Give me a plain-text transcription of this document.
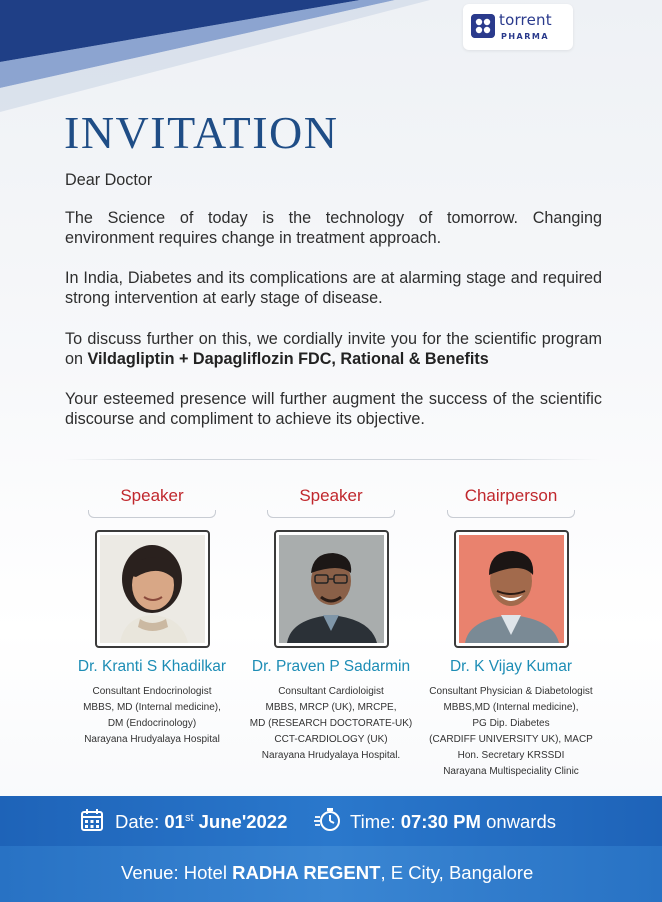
torrent
PHARMA
INVITATION
Dear Doctor
The Science of today is the technology of tomorrow. Changing environment requires change in treatment approach.
In India, Diabetes and its complications are at alarming stage and required strong intervention at early stage of disease.
To discuss further on this, we cordially invite you for the scientific program on Vildagliptin + Dapagliflozin FDC, Rational & Benefits
Your esteemed presence will further augment the success of the scientific discourse and compliment to achieve its objective.
Speaker
Dr. Kranti S Khadilkar
Consultant Endocrinologist
MBBS, MD (Internal medicine),
DM (Endocrinology)
Narayana Hrudyalaya Hospital
Speaker
Dr. Praven P Sadarmin
Consultant Cardioloigist
MBBS, MRCP (UK), MRCPE,
MD (RESEARCH DOCTORATE-UK)
CCT-CARDIOLOGY (UK)
Narayana Hrudyalaya Hospital.
Chairperson
Dr. K Vijay Kumar
Consultant Physician & Diabetologist
MBBS,MD (Internal medicine),
PG Dip. Diabetes
(CARDIFF UNIVERSITY UK), MACP
Hon. Secretary KRSSDI
Narayana Multispeciality Clinic
Date: 01st June'2022	Time: 07:30 PM onwards
Venue: Hotel RADHA REGENT, E City, Bangalore
